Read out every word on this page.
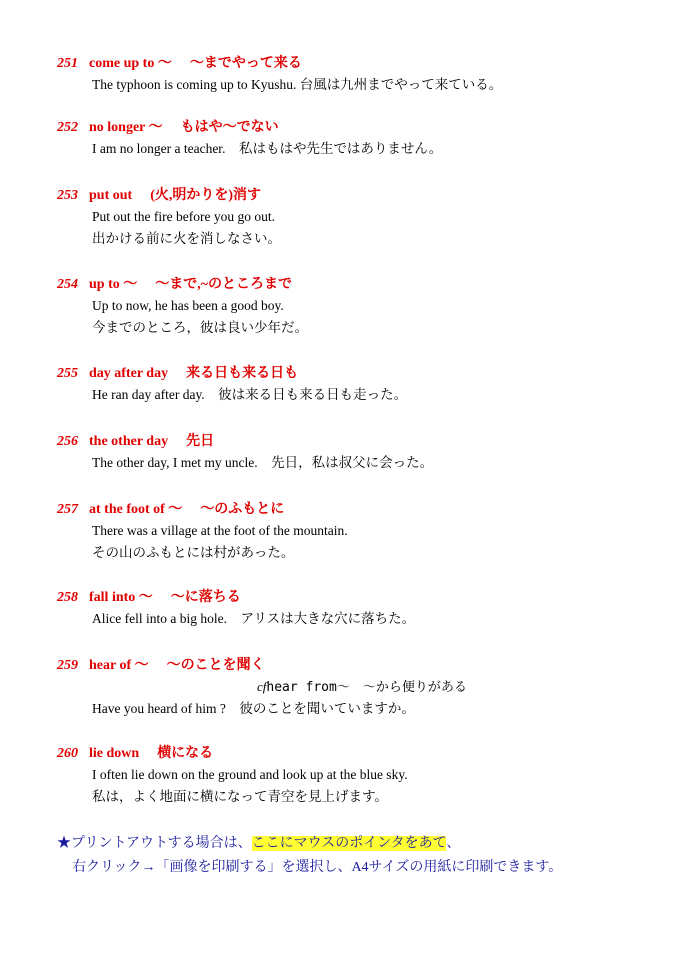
251 come up to ～ ～までやって来る
The typhoon is coming up to Kyushu. 台風は九州までやって来ている。
252 no longer ～ もはや～でない
I am no longer a teacher.　私はもはや先生ではありません。
253 put out (火,明かりを)消す
Put out the fire before you go out.
出かける前に火を消しなさい。
254 up to ～ ～まで,~のところまで
Up to now, he has been a good boy.
今までのところ，彼は良い少年だ。
255 day after day 来る日も来る日も
He ran day after day.　彼は来る日も来る日も走った。
256 the other day 先日
The other day, I met my uncle.　先日，私は叔父に会った。
257 at the foot of ～ ～のふもとに
There was a village at the foot of the mountain.
その山のふもとには村があった。
258 fall into ～ ～に落ちる
Alice fell into a big hole.　アリスは大きな穴に落ちた。
259 hear of ～ ～のことを聞く
cfhear from～　～から便りがある
Have you heard of him ?　彼のことを聞いていますか。
260 lie down 横になる
I often lie down on the ground and look up at the blue sky.
私は，よく地面に横になって青空を見上げます。
★プリントアウトする場合は、ここにマウスのポインタをあて、
右クリック→「画像を印刷する」を選択し、A4サイズの用紙に印刷できます。
